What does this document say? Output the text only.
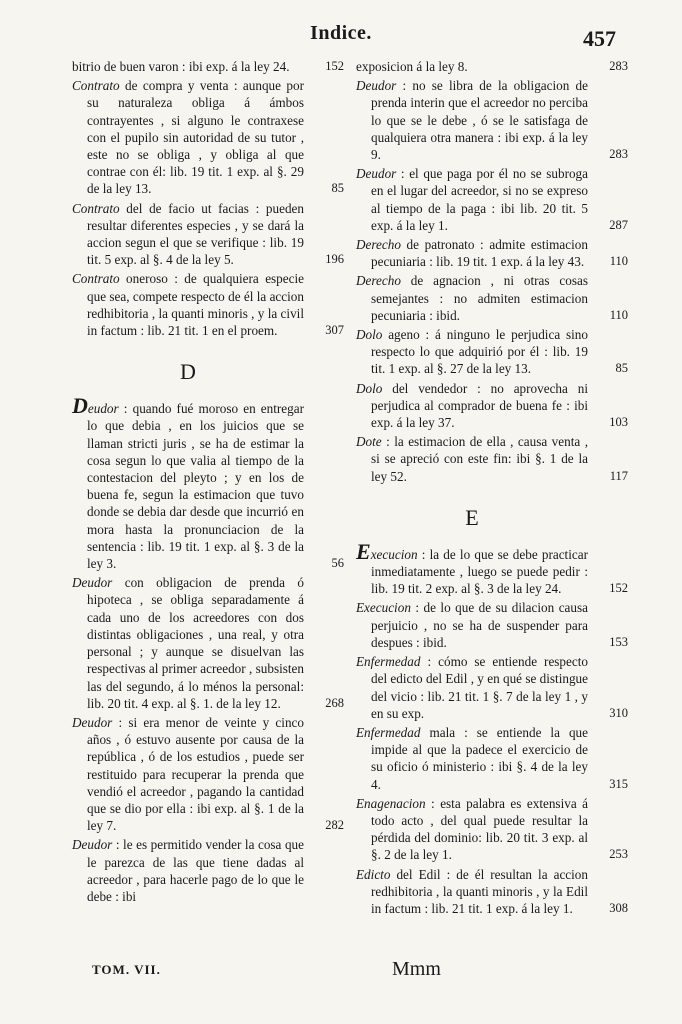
Indice.	457
bitrio de buen varon : ibi exp. á la ley 24.	152
Contrato de compra y venta : aunque por su naturaleza obliga á ámbos contrayentes , si alguno le contraxese con el pupilo sin autoridad de su tutor , este no se obliga , y obliga al que contrae con él: lib. 19 tit. 1 exp. al §. 29 de la ley 13.	85
Contrato del de facio ut facias : pueden resultar diferentes especies , y se dará la accion segun el que se verifique : lib. 19 tit. 5 exp. al §. 4 de la ley 5.	196
Contrato oneroso : de qualquiera especie que sea, compete respecto de él la accion redhibitoria , la quanti minoris , y la civil in factum : lib. 21 tit. 1 en el proem.	307
D
Deudor : quando fué moroso en entregar lo que debia , en los juicios que se llaman stricti juris , se ha de estimar la cosa segun lo que valia al tiempo de la contestacion del pleyto ; y en los de buena fe, segun la estimacion que tuvo donde se debia dar desde que incurrió en mora hasta la pronunciacion de la sentencia : lib. 19 tit. 1 exp. al §. 3 de la ley 3.	56
Deudor con obligacion de prenda ó hipoteca , se obliga separadamente á cada uno de los acreedores con dos distintas obligaciones , una real, y otra personal ; y aunque se disuelvan las respectivas al primer acreedor , subsisten las del segundo, á lo ménos la personal: lib. 20 tit. 4 exp. al §. 1. de la ley 12.	268
Deudor : si era menor de veinte y cinco años , ó estuvo ausente por causa de la república , ó de los estudios , puede ser restituido para recuperar la prenda que vendió el acreedor , pagando la cantidad que se dio por ella : ibi exp. al §. 1 de la ley 7.	282
Deudor : le es permitido vender la cosa que le parezca de las que tiene dadas al acreedor , para hacerle pago de lo que le debe : ibi
exposicion á la ley 8.	283
Deudor : no se libra de la obligacion de prenda interin que el acreedor no perciba lo que se le debe , ó se le satisfaga de qualquiera otra manera : ibi exp. á la ley 9.	283
Deudor : el que paga por él no se subroga en el lugar del acreedor, si no se expreso al tiempo de la paga : ibi lib. 20 tit. 5 exp. á la ley 1.	287
Derecho de patronato : admite estimacion pecuniaria : lib. 19 tit. 1 exp. á la ley 43.	110
Derecho de agnacion , ni otras cosas semejantes : no admiten estimacion pecuniaria : ibid.	110
Dolo ageno : á ninguno le perjudica sino respecto lo que adquirió por él : lib. 19 tit. 1 exp. al §. 27 de la ley 13.	85
Dolo del vendedor : no aprovecha ni perjudica al comprador de buena fe : ibi exp. á la ley 37.	103
Dote : la estimacion de ella , causa venta , si se apreció con este fin: ibi §. 1 de la ley 52.	117
E
Execucion : la de lo que se debe practicar inmediatamente , luego se puede pedir : lib. 19 tit. 2 exp. al §. 3 de la ley 24.	152
Execucion : de lo que de su dilacion causa perjuicio , no se ha de suspender para despues : ibid.	153
Enfermedad : cómo se entiende respecto del edicto del Edil , y en qué se distingue del vicio : lib. 21 tit. 1 §. 7 de la ley 1 , y en su exp.	310
Enfermedad mala : se entiende la que impide al que la padece el exercicio de su oficio ó ministerio : ibi §. 4 de la ley 4.	315
Enagenacion : esta palabra es extensiva á todo acto , del qual puede resultar la pérdida del dominio: lib. 20 tit. 3 exp. al §. 2 de la ley 1.	253
Edicto del Edil : de él resultan la accion redhibitoria , la quanti minoris , y la Edil in factum : lib. 21 tit. 1 exp. á la ley 1.	308
TOM. VII.	Mmm
